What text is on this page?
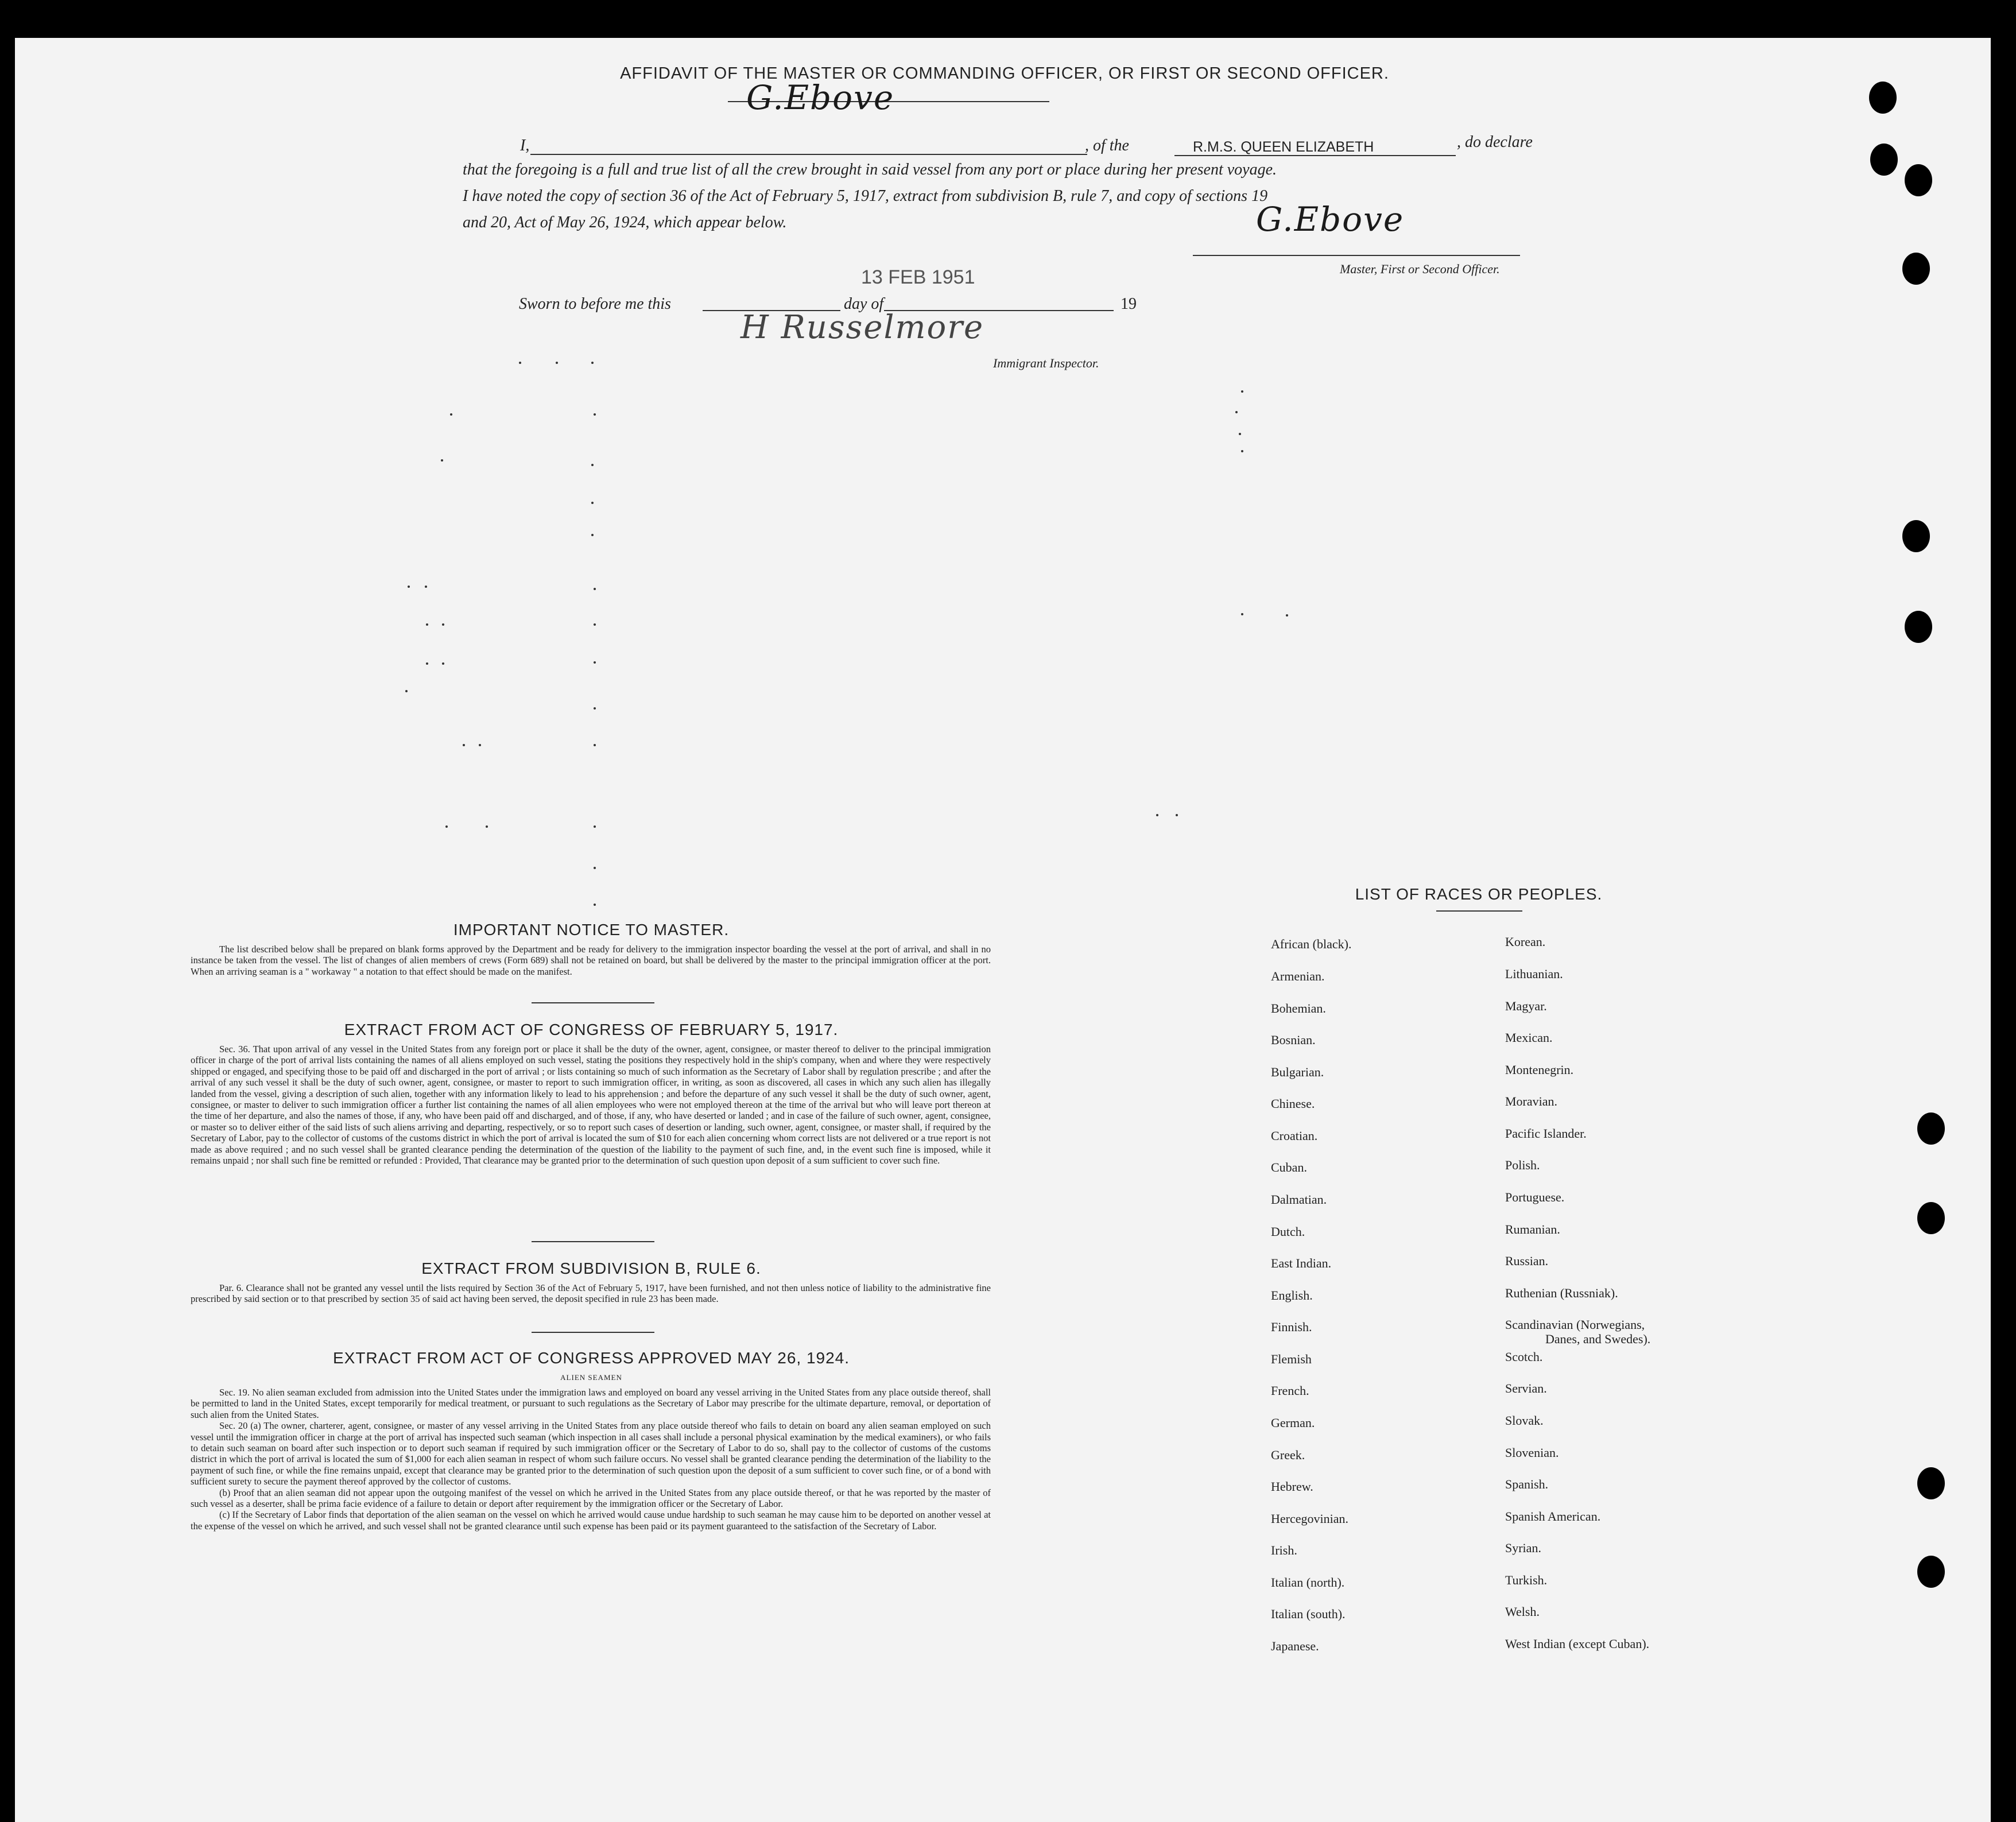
AFFIDAVIT OF THE MASTER OR COMMANDING OFFICER, OR FIRST OR SECOND OFFICER.
G.Ebove
I,	, of the	R.M.S. QUEEN ELIZABETH	, do declare
that the foregoing is a full and true list of all the crew brought in said vessel from any port or place during her present voyage.
I have noted the copy of section 36 of the Act of February 5, 1917, extract from subdivision B, rule 7, and copy of sections 19
and 20, Act of May 26, 1924, which appear below.	G.Ebove
Master, First or Second Officer.
13 FEB 1951
Sworn to before me this	day of	19
H Russelmore
Immigrant Inspector.
IMPORTANT NOTICE TO MASTER.

The list described below shall be prepared on blank forms approved by the Department and be ready for delivery to the immigration inspector boarding the vessel at the port of arrival, and shall in no instance be taken from the vessel. The list of changes of alien members of crews (Form 689) shall not be retained on board, but shall be delivered by the master to the principal immigration officer at the port. When an arriving seaman is a " workaway " a notation to that effect should be made on the manifest.

EXTRACT FROM ACT OF CONGRESS OF FEBRUARY 5, 1917.

Sec. 36. That upon arrival of any vessel in the United States from any foreign port or place it shall be the duty of the owner, agent, consignee, or master thereof to deliver to the principal immigration officer in charge of the port of arrival lists containing the names of all aliens employed on such vessel, stating the positions they respectively hold in the ship's company, when and where they were respectively shipped or engaged, and specifying those to be paid off and discharged in the port of arrival ; or lists containing so much of such information as the Secretary of Labor shall by regulation prescribe ; and after the arrival of any such vessel it shall be the duty of such owner, agent, consignee, or master to report to such immigration officer, in writing, as soon as discovered, all cases in which any such alien has illegally landed from the vessel, giving a description of such alien, together with any information likely to lead to his apprehension ; and before the departure of any such vessel it shall be the duty of such owner, agent, consignee, or master to deliver to such immigration officer a further list containing the names of all alien employees who were not employed thereon at the time of the arrival but who will leave port thereon at the time of her departure, and also the names of those, if any, who have been paid off and discharged, and of those, if any, who have deserted or landed ; and in case of the failure of such owner, agent, consignee, or master so to deliver either of the said lists of such aliens arriving and departing, respectively, or so to report such cases of desertion or landing, such owner, agent, consignee, or master shall, if required by the Secretary of Labor, pay to the collector of customs of the customs district in which the port of arrival is located the sum of $10 for each alien concerning whom correct lists are not delivered or a true report is not made as above required ; and no such vessel shall be granted clearance pending the determination of the question of the liability to the payment of such fine, and, in the event such fine is imposed, while it remains unpaid ; nor shall such fine be remitted or refunded : Provided, That clearance may be granted prior to the determination of such question upon deposit of a sum sufficient to cover such fine.

EXTRACT FROM SUBDIVISION B, RULE 6.

Par. 6. Clearance shall not be granted any vessel until the lists required by Section 36 of the Act of February 5, 1917, have been furnished, and not then unless notice of liability to the administrative fine prescribed by said section or to that prescribed by section 35 of said act having been served, the deposit specified in rule 23 has been made.

EXTRACT FROM ACT OF CONGRESS APPROVED MAY 26, 1924.
ALIEN SEAMEN

Sec. 19. No alien seaman excluded from admission into the United States under the immigration laws and employed on board any vessel arriving in the United States from any place outside thereof, shall be permitted to land in the United States, except temporarily for medical treatment, or pursuant to such regulations as the Secretary of Labor may prescribe for the ultimate departure, removal, or deportation of such alien from the United States.

Sec. 20 (a) The owner, charterer, agent, consignee, or master of any vessel arriving in the United States from any place outside thereof who fails to detain on board any alien seaman employed on such vessel until the immigration officer in charge at the port of arrival has inspected such seaman (which inspection in all cases shall include a personal physical examination by the medical examiners), or who fails to detain such seaman on board after such inspection or to deport such seaman if required by such immigration officer or the Secretary of Labor to do so, shall pay to the collector of customs of the customs district in which the port of arrival is located the sum of $1,000 for each alien seaman in respect of whom such failure occurs. No vessel shall be granted clearance pending the determination of the liability to the payment of such fine, or while the fine remains unpaid, except that clearance may be granted prior to the determination of such question upon the deposit of a sum sufficient to cover such fine, or of a bond with sufficient surety to secure the payment thereof approved by the collector of customs.

(b) Proof that an alien seaman did not appear upon the outgoing manifest of the vessel on which he arrived in the United States from any place outside thereof, or that he was reported by the master of such vessel as a deserter, shall be prima facie evidence of a failure to detain or deport after requirement by the immigration officer or the Secretary of Labor.

(c) If the Secretary of Labor finds that deportation of the alien seaman on the vessel on which he arrived would cause undue hardship to such seaman he may cause him to be deported on another vessel at the expense of the vessel on which he arrived, and such vessel shall not be granted clearance until such expense has been paid or its payment guaranteed to the satisfaction of the Secretary of Labor.

LIST OF RACES OR PEOPLES.
African (black).
Armenian.
Bohemian.
Bosnian.
Bulgarian.
Chinese.
Croatian.
Cuban.
Dalmatian.
Dutch.
East Indian.
English.
Finnish.
Flemish
French.
German.
Greek.
Hebrew.
Hercegovinian.
Irish.
Italian (north).
Italian (south).
Japanese.
Korean.
Lithuanian.
Magyar.
Mexican.
Montenegrin.
Moravian.
Pacific Islander.
Polish.
Portuguese.
Rumanian.
Russian.
Ruthenian (Russniak).
Scandinavian (Norwegians,
Danes, and Swedes).
Scotch.
Servian.
Slovak.
Slovenian.
Spanish.
Spanish American.
Syrian.
Turkish.
Welsh.
West Indian (except Cuban).
